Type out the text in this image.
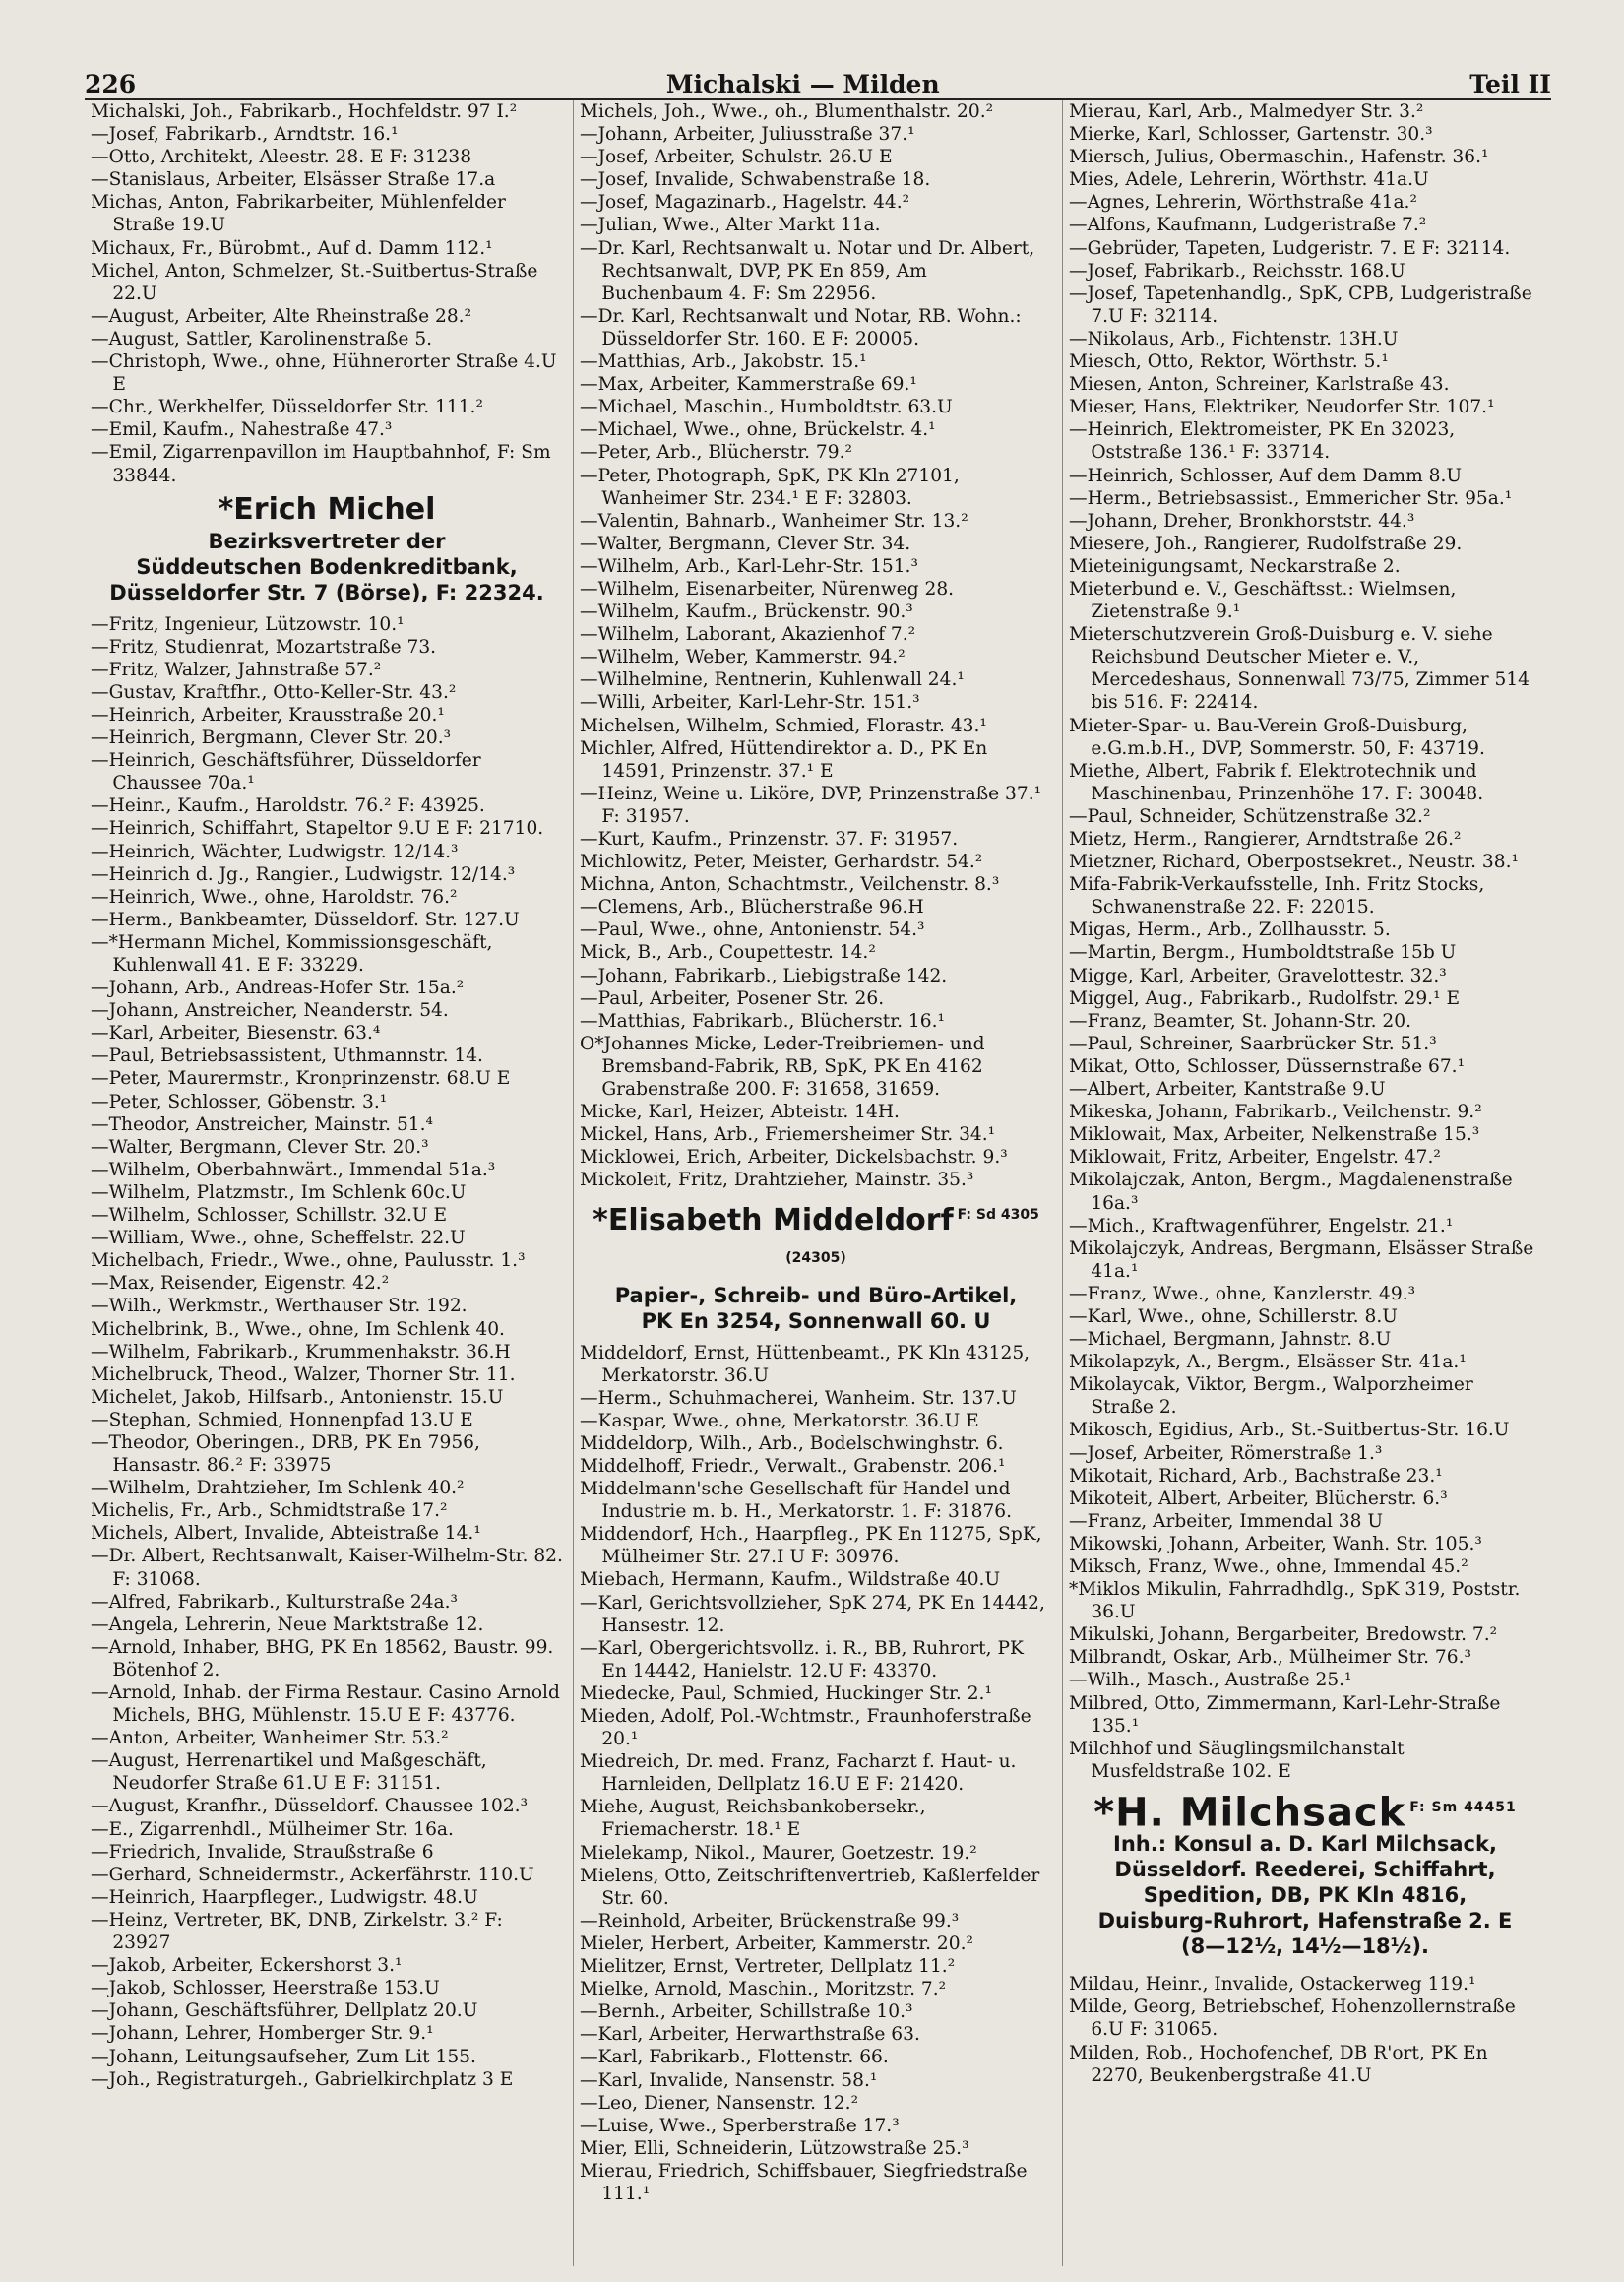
226	Michalski — Milden	Teil II
Michalski, Joh., Fabrikarb., Hochfeldstr. 97 I.²
—Josef, Fabrikarb., Arndtstr. 16.¹
—Otto, Architekt, Aleestr. 28. E F: 31238
—Stanislaus, Arbeiter, Elsässer Straße 17.a
Michas, Anton, Fabrikarbeiter, Mühlenfelder Straße 19.U
Michaux, Fr., Bürobmt., Auf d. Damm 112.¹
Michel, Anton, Schmelzer, St.-Suitbertus-Straße 22.U
—August, Arbeiter, Alte Rheinstraße 28.²
—August, Sattler, Karolinenstraße 5.
—Christoph, Wwe., ohne, Hühnerorter Straße 4.U E
—Chr., Werkhelfer, Düsseldorfer Str. 111.²
—Emil, Kaufm., Nahestraße 47.³
—Emil, Zigarrenpavillon im Hauptbahnhof, F: Sm 33844.
*Erich Michel
Bezirksvertreter der
Süddeutschen Bodenkreditbank,
Düsseldorfer Str. 7 (Börse), F: 22324.
—Fritz, Ingenieur, Lützowstr. 10.¹
—Fritz, Studienrat, Mozartstraße 73.
—Fritz, Walzer, Jahnstraße 57.²
—Gustav, Kraftfhr., Otto-Keller-Str. 43.²
—Heinrich, Arbeiter, Krausstraße 20.¹
—Heinrich, Bergmann, Clever Str. 20.³
—Heinrich, Geschäftsführer, Düsseldorfer Chaussee 70a.¹
—Heinr., Kaufm., Haroldstr. 76.² F: 43925.
—Heinrich, Schiffahrt, Stapeltor 9.U E F: 21710.
—Heinrich, Wächter, Ludwigstr. 12/14.³
—Heinrich d. Jg., Rangier., Ludwigstr. 12/14.³
—Heinrich, Wwe., ohne, Haroldstr. 76.²
—Herm., Bankbeamter, Düsseldorf. Str. 127.U
—*Hermann Michel, Kommissionsgeschäft, Kuhlenwall 41. E F: 33229.
—Johann, Arb., Andreas-Hofer Str. 15a.²
—Johann, Anstreicher, Neanderstr. 54.
—Karl, Arbeiter, Biesenstr. 63.⁴
—Paul, Betriebsassistent, Uthmannstr. 14.
—Peter, Maurermstr., Kronprinzenstr. 68.U E
—Peter, Schlosser, Göbenstr. 3.¹
—Theodor, Anstreicher, Mainstr. 51.⁴
—Walter, Bergmann, Clever Str. 20.³
—Wilhelm, Oberbahnwärt., Immendal 51a.³
—Wilhelm, Platzmstr., Im Schlenk 60c.U
—Wilhelm, Schlosser, Schillstr. 32.U E
—William, Wwe., ohne, Scheffelstr. 22.U
Michelbach, Friedr., Wwe., ohne, Paulusstr. 1.³
—Max, Reisender, Eigenstr. 42.²
—Wilh., Werkmstr., Werthauser Str. 192.
Michelbrink, B., Wwe., ohne, Im Schlenk 40.
—Wilhelm, Fabrikarb., Krummenhakstr. 36.H
Michelbruck, Theod., Walzer, Thorner Str. 11.
Michelet, Jakob, Hilfsarb., Antonienstr. 15.U
—Stephan, Schmied, Honnenpfad 13.U E
—Theodor, Oberingen., DRB, PK En 7956, Hansastr. 86.² F: 33975
—Wilhelm, Drahtzieher, Im Schlenk 40.²
Michelis, Fr., Arb., Schmidtstraße 17.²
Michels, Albert, Invalide, Abteistraße 14.¹
—Dr. Albert, Rechtsanwalt, Kaiser-Wilhelm-Str. 82. F: 31068.
—Alfred, Fabrikarb., Kulturstraße 24a.³
—Angela, Lehrerin, Neue Marktstraße 12.
—Arnold, Inhaber, BHG, PK En 18562, Baustr. 99. Bötenhof 2.
—Arnold, Inhab. der Firma Restaur. Casino Arnold Michels, BHG, Mühlenstr. 15.U E F: 43776.
—Anton, Arbeiter, Wanheimer Str. 53.²
—August, Herrenartikel und Maßgeschäft, Neudorfer Straße 61.U E F: 31151.
—August, Kranfhr., Düsseldorf. Chaussee 102.³
—E., Zigarrenhdl., Mülheimer Str. 16a.
—Friedrich, Invalide, Straußstraße 6
—Gerhard, Schneidermstr., Ackerfährstr. 110.U
—Heinrich, Haarpfleger., Ludwigstr. 48.U
—Heinz, Vertreter, BK, DNB, Zirkelstr. 3.² F: 23927
—Jakob, Arbeiter, Eckershorst 3.¹
—Jakob, Schlosser, Heerstraße 153.U
—Johann, Geschäftsführer, Dellplatz 20.U
—Johann, Lehrer, Homberger Str. 9.¹
—Johann, Leitungsaufseher, Zum Lit 155.
—Joh., Registraturgeh., Gabrielkirchplatz 3 E
Michels, Joh., Wwe., oh., Blumenthalstr. 20.²
—Johann, Arbeiter, Juliusstraße 37.¹
—Josef, Arbeiter, Schulstr. 26.U E
—Josef, Invalide, Schwabenstraße 18.
—Josef, Magazinarb., Hagelstr. 44.²
—Julian, Wwe., Alter Markt 11a.
—Dr. Karl, Rechtsanwalt u. Notar und Dr. Albert, Rechtsanwalt, DVP, PK En 859, Am Buchenbaum 4. F: Sm 22956.
—Dr. Karl, Rechtsanwalt und Notar, RB. Wohn.: Düsseldorfer Str. 160. E F: 20005.
—Matthias, Arb., Jakobstr. 15.¹
—Max, Arbeiter, Kammerstraße 69.¹
—Michael, Maschin., Humboldtstr. 63.U
—Michael, Wwe., ohne, Brückelstr. 4.¹
—Peter, Arb., Blücherstr. 79.²
—Peter, Photograph, SpK, PK Kln 27101, Wanheimer Str. 234.¹ E F: 32803.
—Valentin, Bahnarb., Wanheimer Str. 13.²
—Walter, Bergmann, Clever Str. 34.
—Wilhelm, Arb., Karl-Lehr-Str. 151.³
—Wilhelm, Eisenarbeiter, Nürenweg 28.
—Wilhelm, Kaufm., Brückenstr. 90.³
—Wilhelm, Laborant, Akazienhof 7.²
—Wilhelm, Weber, Kammerstr. 94.²
—Wilhelmine, Rentnerin, Kuhlenwall 24.¹
—Willi, Arbeiter, Karl-Lehr-Str. 151.³
Michelsen, Wilhelm, Schmied, Florastr. 43.¹
Michler, Alfred, Hüttendirektor a. D., PK En 14591, Prinzenstr. 37.¹ E
—Heinz, Weine u. Liköre, DVP, Prinzenstraße 37.¹ F: 31957.
—Kurt, Kaufm., Prinzenstr. 37. F: 31957.
Michlowitz, Peter, Meister, Gerhardstr. 54.²
Michna, Anton, Schachtmstr., Veilchenstr. 8.³
—Clemens, Arb., Blücherstraße 96.H
—Paul, Wwe., ohne, Antonienstr. 54.³
Mick, B., Arb., Coupettestr. 14.²
—Johann, Fabrikarb., Liebigstraße 142.
—Paul, Arbeiter, Posener Str. 26.
—Matthias, Fabrikarb., Blücherstr. 16.¹
O*Johannes Micke, Leder-Treibriemen- und Bremsband-Fabrik, RB, SpK, PK En 4162 Grabenstraße 200. F: 31658, 31659.
Micke, Karl, Heizer, Abteistr. 14H.
Mickel, Hans, Arb., Friemersheimer Str. 34.¹
Micklowei, Erich, Arbeiter, Dickelsbachstr. 9.³
Mickoleit, Fritz, Drahtzieher, Mainstr. 35.³
*Elisabeth Middeldorf $^{F: Sd 4305 (24305)}$
Papier-, Schreib- und Büro-Artikel,
PK En 3254, Sonnenwall 60. U
Middeldorf, Ernst, Hüttenbeamt., PK Kln 43125, Merkatorstr. 36.U
—Herm., Schuhmacherei, Wanheim. Str. 137.U
—Kaspar, Wwe., ohne, Merkatorstr. 36.U E
Middeldorp, Wilh., Arb., Bodelschwinghstr. 6.
Middelhoff, Friedr., Verwalt., Grabenstr. 206.¹
Middelmann'sche Gesellschaft für Handel und Industrie m. b. H., Merkatorstr. 1. F: 31876.
Middendorf, Hch., Haarpfleg., PK En 11275, SpK, Mülheimer Str. 27.I U F: 30976.
Miebach, Hermann, Kaufm., Wildstraße 40.U
—Karl, Gerichtsvollzieher, SpK 274, PK En 14442, Hansestr. 12.
—Karl, Obergerichtsvollz. i. R., BB, Ruhrort, PK En 14442, Hanielstr. 12.U F: 43370.
Miedecke, Paul, Schmied, Huckinger Str. 2.¹
Mieden, Adolf, Pol.-Wchtmstr., Fraunhoferstraße 20.¹
Miedreich, Dr. med. Franz, Facharzt f. Haut- u. Harnleiden, Dellplatz 16.U E F: 21420.
Miehe, August, Reichsbankobersekr., Friemacherstr. 18.¹ E
Mielekamp, Nikol., Maurer, Goetzestr. 19.²
Mielens, Otto, Zeitschriftenvertrieb, Kaßlerfelder Str. 60.
—Reinhold, Arbeiter, Brückenstraße 99.³
Mieler, Herbert, Arbeiter, Kammerstr. 20.²
Mielitzer, Ernst, Vertreter, Dellplatz 11.²
Mielke, Arnold, Maschin., Moritzstr. 7.²
—Bernh., Arbeiter, Schillstraße 10.³
—Karl, Arbeiter, Herwarthstraße 63.
—Karl, Fabrikarb., Flottenstr. 66.
—Karl, Invalide, Nansenstr. 58.¹
—Leo, Diener, Nansenstr. 12.²
—Luise, Wwe., Sperberstraße 17.³
Mier, Elli, Schneiderin, Lützowstraße 25.³
Mierau, Friedrich, Schiffsbauer, Siegfriedstraße 111.¹
Mierau, Karl, Arb., Malmedyer Str. 3.²
Mierke, Karl, Schlosser, Gartenstr. 30.³
Miersch, Julius, Obermaschin., Hafenstr. 36.¹
Mies, Adele, Lehrerin, Wörthstr. 41a.U
—Agnes, Lehrerin, Wörthstraße 41a.²
—Alfons, Kaufmann, Ludgeristraße 7.²
—Gebrüder, Tapeten, Ludgeristr. 7. E F: 32114.
—Josef, Fabrikarb., Reichsstr. 168.U
—Josef, Tapetenhandlg., SpK, CPB, Ludgeristraße 7.U F: 32114.
—Nikolaus, Arb., Fichtenstr. 13H.U
Miesch, Otto, Rektor, Wörthstr. 5.¹
Miesen, Anton, Schreiner, Karlstraße 43.
Mieser, Hans, Elektriker, Neudorfer Str. 107.¹
—Heinrich, Elektromeister, PK En 32023, Oststraße 136.¹ F: 33714.
—Heinrich, Schlosser, Auf dem Damm 8.U
—Herm., Betriebsassist., Emmericher Str. 95a.¹
—Johann, Dreher, Bronkhorststr. 44.³
Miesere, Joh., Rangierer, Rudolfstraße 29.
Mieteinigungsamt, Neckarstraße 2.
Mieterbund e. V., Geschäftsst.: Wielmsen, Zietenstraße 9.¹
Mieterschutzverein Groß-Duisburg e. V. siehe Reichsbund Deutscher Mieter e. V., Mercedeshaus, Sonnenwall 73/75, Zimmer 514 bis 516. F: 22414.
Mieter-Spar- u. Bau-Verein Groß-Duisburg, e.G.m.b.H., DVP, Sommerstr. 50, F: 43719.
Miethe, Albert, Fabrik f. Elektrotechnik und Maschinenbau, Prinzenhöhe 17. F: 30048.
—Paul, Schneider, Schützenstraße 32.²
Mietz, Herm., Rangierer, Arndtstraße 26.²
Mietzner, Richard, Oberpostsekret., Neustr. 38.¹
Mifa-Fabrik-Verkaufsstelle, Inh. Fritz Stocks, Schwanenstraße 22. F: 22015.
Migas, Herm., Arb., Zollhausstr. 5.
—Martin, Bergm., Humboldtstraße 15b U
Migge, Karl, Arbeiter, Gravelottestr. 32.³
Miggel, Aug., Fabrikarb., Rudolfstr. 29.¹ E
—Franz, Beamter, St. Johann-Str. 20.
—Paul, Schreiner, Saarbrücker Str. 51.³
Mikat, Otto, Schlosser, Düssernstraße 67.¹
—Albert, Arbeiter, Kantstraße 9.U
Mikeska, Johann, Fabrikarb., Veilchenstr. 9.²
Miklowait, Max, Arbeiter, Nelkenstraße 15.³
Miklowait, Fritz, Arbeiter, Engelstr. 47.²
Mikolajczak, Anton, Bergm., Magdalenenstraße 16a.³
—Mich., Kraftwagenführer, Engelstr. 21.¹
Mikolajczyk, Andreas, Bergmann, Elsässer Straße 41a.¹
—Franz, Wwe., ohne, Kanzlerstr. 49.³
—Karl, Wwe., ohne, Schillerstr. 8.U
—Michael, Bergmann, Jahnstr. 8.U
Mikolapzyk, A., Bergm., Elsässer Str. 41a.¹
Mikolaycak, Viktor, Bergm., Walporzheimer Straße 2.
Mikosch, Egidius, Arb., St.-Suitbertus-Str. 16.U
—Josef, Arbeiter, Römerstraße 1.³
Mikotait, Richard, Arb., Bachstraße 23.¹
Mikoteit, Albert, Arbeiter, Blücherstr. 6.³
—Franz, Arbeiter, Immendal 38 U
Mikowski, Johann, Arbeiter, Wanh. Str. 105.³
Miksch, Franz, Wwe., ohne, Immendal 45.²
*Miklos Mikulin, Fahrradhdlg., SpK 319, Poststr. 36.U
Mikulski, Johann, Bergarbeiter, Bredowstr. 7.²
Milbrandt, Oskar, Arb., Mülheimer Str. 76.³
—Wilh., Masch., Austraße 25.¹
Milbred, Otto, Zimmermann, Karl-Lehr-Straße 135.¹
Milchhof und Säuglingsmilchanstalt Musfeldstraße 102. E
*H. Milchsack $^{F: Sm 44451}$
Inh.: Konsul a. D. Karl Milchsack,
Düsseldorf. Reederei, Schiffahrt,
Spedition, DB, PK Kln 4816,
Duisburg-Ruhrort, Hafenstraße 2. E
(8—12½, 14½—18½).
Mildau, Heinr., Invalide, Ostackerweg 119.¹
Milde, Georg, Betriebschef, Hohenzollernstraße 6.U F: 31065.
Milden, Rob., Hochofenchef, DB R'ort, PK En 2270, Beukenbergstraße 41.U
